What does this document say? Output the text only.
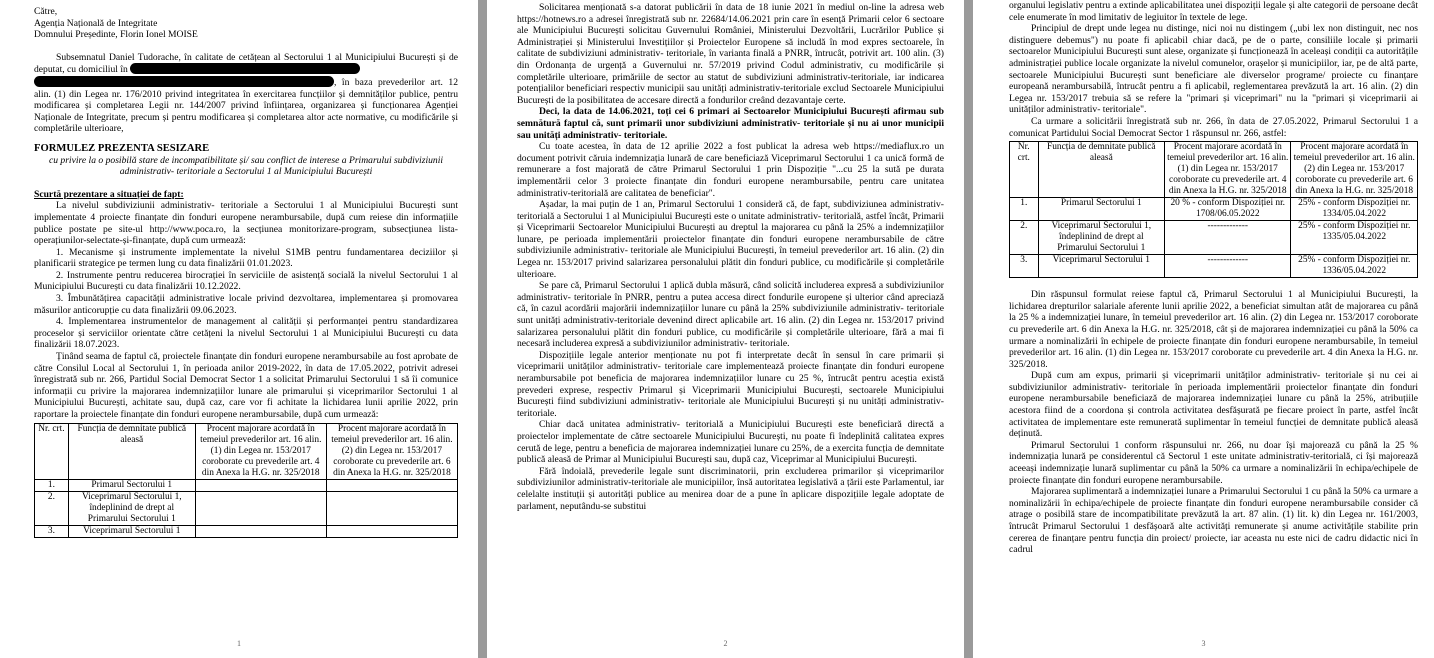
Către,

Agenția Națională de Integritate

Domnului Președinte, Florin Ionel MOISE

Subsemnatul Daniel Tudorache, în calitate de cetățean al Sectorului 1 al Municipiului București și de deputat, cu domiciliul în
, în baza prevederilor art. 12 alin. (1) din Legea nr. 176/2010 privind integritatea în exercitarea funcțiilor și demnităților publice, pentru modificarea și completarea Legii nr. 144/2007 privind înființarea, organizarea și funcționarea Agenției Naționale de Integritate, precum și pentru modificarea și completarea altor acte normative, cu modificările și completările ulterioare,

FORMULEZ PREZENTA SESIZARE

cu privire la o posibilă stare de incompatibilitate și/ sau conflict de interese a Primarului subdiviziunii administrativ- teritoriale a Sectorului 1 al Municipiului București

Scurtă prezentare a situației de fapt:

La nivelul subdiviziunii administrativ- teritoriale a Sectorului 1 al Municipiului București sunt implementate 4 proiecte finanțate din fonduri europene nerambursabile, după cum reiese din informațiile publice postate pe site-ul http://www.poca.ro, la secțiunea monitorizare-program, subsecțiunea lista-operațiunilor-selectate-și-finanțate, după cum urmează:

1. Mecanisme și instrumente implementate la nivelul S1MB pentru fundamentarea deciziilor și planificarii strategice pe termen lung cu data finalizării 01.01.2023.

2. Instrumente pentru reducerea birocrației în serviciile de asistență socială la nivelul Sectorului 1 al Municipiului București cu data finalizării 10.12.2022.

3. Îmbunătățirea capacității administrative locale privind dezvoltarea, implementarea și promovarea măsurilor anticorupție cu data finalizării 09.06.2023.

4. Implementarea instrumentelor de management al calității și performanței pentru standardizarea proceselor și serviciilor orientate către cetățeni la nivelul Sectorului 1 al Municipiului București cu data finalizării 18.07.2023.

Ținând seama de faptul că, proiectele finanțate din fonduri europene nerambursabile au fost aprobate de către Consilul Local al Sectorului 1, în perioada anilor 2019-2022, în data de 17.05.2022, potrivit adresei înregistrată sub nr. 266, Partidul Social Democrat Sector 1 a solicitat Primarului Sectorului 1 să îi comunice informații cu privire la majorarea indemnizațiilor lunare ale primarului și viceprimarilor Sectorului 1 al Municipiului București, achitate sau, după caz, care vor fi achitate la lichidarea lunii aprilie 2022, prin raportare la proiectele finanțate din fonduri europene nerambursabile, după cum urmează:

Nr. crt.	Funcția de demnitate publică aleasă	Procent majorare acordată în temeiul prevederilor art. 16 alin. (1) din Legea nr. 153/2017 coroborate cu prevederile art. 4 din Anexa la H.G. nr. 325/2018	Procent majorare acordată în temeiul prevederilor art. 16 alin. (2) din Legea nr. 153/2017 coroborate cu prevederile art. 6 din Anexa la H.G. nr. 325/2018
1.	Primarul Sectorului 1		
2.	Viceprimarul Sectorului 1, îndeplinind de drept al Primarului Sectorului 1		
3.	Viceprimarul Sectorului 1		
1

Solicitarea menționată s-a datorat publicării în data de 18 iunie 2021 în mediul on-line la adresa web https://hotnews.ro a adresei înregistrată sub nr. 22684/14.06.2021 prin care în esență Primarii celor 6 sectoare ale Municipiului București solicitau Guvernului României, Ministerului Dezvoltării, Lucrărilor Publice și Administrației și Ministerului Investițiilor și Proiectelor Europene să includă în mod expres sectoarele, în calitate de subdiviziuni administrativ- teritoriale, în varianta finală a PNRR, întrucât, potrivit art. 100 alin. (3) din Ordonanța de urgență a Guvernului nr. 57/2019 privind Codul administrativ, cu modificările și completările ulterioare, primăriile de sector au statut de subdiviziuni administrativ-teritoriale, iar indicarea potențialilor beneficiari respectiv municipii sau unități administrativ-teritoriale exclud Sectoarele Municipiului București de la posibilitatea de accesare directă a fondurilor creând dezavantaje certe.

Deci, la data de 14.06.2021, toți cei 6 primari ai Sectoarelor Municipiului București afirmau sub semnătură faptul că, sunt primarii unor subdiviziuni administrativ- teritoriale și nu ai unor municipii sau unități administrativ- teritoriale.

Cu toate acestea, în data de 12 aprilie 2022 a fost publicat la adresa web https://mediaflux.ro un document potrivit căruia indemnizația lunară de care beneficiază Viceprimarul Sectorului 1 ca unică formă de remunerare a fost majorată de către Primarul Sectorului 1 prin Dispoziție "...cu 25 la sută pe durata implementării celor 3 proiecte finanțate din fonduri europene nerambursabile, pentru care unitatea administrativ-teritorială are calitatea de beneficiar".

Așadar, la mai puțin de 1 an, Primarul Sectorului 1 consideră că, de fapt, subdiviziunea administrativ- teritorială a Sectorului 1 al Municipiului București este o unitate administrativ- teritorială, astfel încât, Primarii și Viceprimarii Sectoarelor Municipiului București au dreptul la majorarea cu până la 25% a indemnizațiilor lunare, pe perioada implementării proiectelor finanțate din fonduri europene nerambursabile de către subdiviziunile administrativ- teritoriale ale Municipiului București, în temeiul prevederilor art. 16 alin. (2) din Legea nr. 153/2017 privind salarizarea personalului plătit din fonduri publice, cu modificările și completările ulterioare.

Se pare că, Primarul Sectorului 1 aplică dubla măsură, când solicită includerea expresă a subdiviziunilor administrativ- teritoriale în PNRR, pentru a putea accesa direct fondurile europene și ulterior când apreciază că, în cazul acordării majorării indemnizațiilor lunare cu până la 25% subdiviziunile administrativ- teritoriale sunt unități administrativ-teritoriale devenind direct aplicabile art. 16 alin. (2) din Legea nr. 153/2017 privind salarizarea personalului plătit din fonduri publice, cu modificările și completările ulterioare, fără a mai fi necesară includerea expresă a subdiviziunilor administrativ- teritoriale.

Dispozițiile legale anterior menționate nu pot fi interpretate decât în sensul în care primarii și viceprimarii unităților administrativ- teritoriale care implementează proiecte finanțate din fonduri europene nerambursabile pot beneficia de majorarea indemnizațiilor lunare cu 25 %, întrucât pentru aceștia există prevederi exprese, respectiv Primarul și Viceprimarii Municipiului București, sectoarele Municipiului București fiind subdiviziuni administrativ- teritoriale ale Municipiului București și nu unități administrativ- teritoriale.

Chiar dacă unitatea administrativ- teritorială a Municipiului București este beneficiară directă a proiectelor implementate de către sectoarele Municipiului București, nu poate fi îndeplinită calitatea expres cerută de lege, pentru a beneficia de majorarea indemnizației lunare cu 25%, de a exercita funcția de demnitate publică aleasă de Primar al Municipiului București sau, după caz, Viceprimar al Municipiului București.

Fără îndoială, prevederile legale sunt discriminatorii, prin excluderea primarilor și viceprimarilor subdiviziunilor administrativ-teritoriale ale municipiilor, însă autoritatea legislativă a țării este Parlamentul, iar celelalte instituții și autorități publice au menirea doar de a pune în aplicare dispozițiile legale adoptate de parlament, neputându-se substitui

2

organului legislativ pentru a extinde aplicabilitatea unei dispoziții legale și alte categorii de persoane decât cele enumerate în mod limitativ de legiuitor în textele de lege.

Principiul de drept unde legea nu distinge, nici noi nu distingem („ubi lex non distinguit, nec nos distinguere debemus") nu poate fi aplicabil chiar dacă, pe de o parte, consiliile locale și primarii sectoarelor Municipiului București sunt alese, organizate și funcționează în aceleași condiții ca autoritățile administrației publice locale organizate la nivelul comunelor, orașelor și municipiilor, iar, pe de altă parte, sectoarele Municipiului București sunt beneficiare ale diverselor programe/ proiecte cu finanțare europeană nerambursabilă, întrucât pentru a fi aplicabil, reglementarea prevăzută la art. 16 alin. (2) din Legea nr. 153/2017 trebuia să se refere la "primari și viceprimari" nu la "primari și viceprimarii ai unităților administrativ- teritoriale".

Ca urmare a solicitării înregistrată sub nr. 266, în data de 27.05.2022, Primarul Sectorului 1 a comunicat Partidului Social Democrat Sector 1 răspunsul nr. 266, astfel:

Nr. crt.	Funcția de demnitate publică aleasă	Procent majorare acordată în temeiul prevederilor art. 16 alin. (1) din Legea nr. 153/2017 coroborate cu prevederile art. 4 din Anexa la H.G. nr. 325/2018	Procent majorare acordată în temeiul prevederilor art. 16 alin. (2) din Legea nr. 153/2017 coroborate cu prevederile art. 6 din Anexa la H.G. nr. 325/2018
1.	Primarul Sectorului 1	20 % - conform Dispoziției nr. 1708/06.05.2022	25% - conform Dispoziției nr. 1334/05.04.2022
2.	Viceprimarul Sectorului 1, îndeplinind de drept al Primarului Sectorului 1	-------------	25% - conform Dispoziției nr. 1335/05.04.2022
3.	Viceprimarul Sectorului 1	-------------	25% - conform Dispoziției nr. 1336/05.04.2022

Din răspunsul formulat reiese faptul că, Primarul Sectorului 1 al Municipiului București, la lichidarea drepturilor salariale aferente lunii aprilie 2022, a beneficiat simultan atât de majorarea cu până la 25 % a indemnizației lunare, în temeiul prevederilor art. 16 alin. (2) din Legea nr. 153/2017 coroborate cu prevederile art. 6 din Anexa la H.G. nr. 325/2018, cât și de majorarea indemnizației cu până la 50% ca urmare a nominalizării în echipele de proiecte finanțate din fonduri europene nerambursabile, în temeiul prevederilor art. 16 alin. (1) din Legea nr. 153/2017 coroborate cu prevederile art. 4 din Anexa la H.G. nr. 325/2018.

După cum am expus, primarii și viceprimarii unităților administrativ- teritoriale și nu cei ai subdiviziunilor administrativ- teritoriale în perioada implementării proiectelor finanțate din fonduri europene nerambursabile beneficiază de majorarea indemnizației lunare cu până la 25%, atribuțiile acestora fiind de a coordona și controla activitatea desfășurată pe fiecare proiect în parte, astfel încât activitatea de implementare este remunerată suplimentar în temeiul funcției de demnitate publică aleasă deținută.

Primarul Sectorului 1 conform răspunsului nr. 266, nu doar își majorează cu până la 25 % indemnizația lunară pe considerentul că Sectorul 1 este unitate administrativ-teritorială, ci își majorează aceeași indemnizație lunară suplimentar cu până la 50% ca urmare a nominalizării în echipa/echipele de proiecte finanțate din fonduri europene nerambursabile.

Majorarea suplimentară a indemnizației lunare a Primarului Sectorului 1 cu până la 50% ca urmare a nominalizării în echipa/echipele de proiecte finanțate din fonduri europene nerambursabile consider că atrage o posibilă stare de incompatibilitate prevăzută la art. 87 alin. (1) lit. k) din Legea nr. 161/2003, întrucât Primarul Sectorului 1 desfășoară alte activități remunerate și anume activitățile stabilite prin cererea de finanțare pentru funcția din proiect/ proiecte, iar aceasta nu este nici de cadru didactic nici în cadrul

3
